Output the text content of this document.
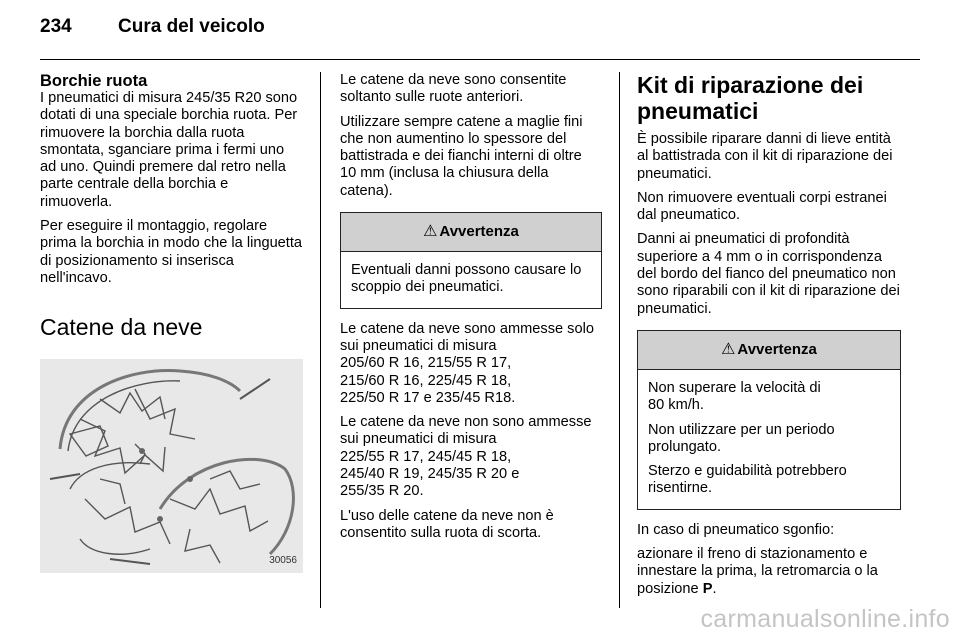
234	Cura del veicolo
Borchie ruota

I pneumatici di misura 245/35 R20 sono dotati di una speciale borchia ruota. Per rimuovere la borchia dalla ruota smontata, sganciare prima i fermi uno ad uno. Quindi premere dal retro nella parte centrale della borchia e rimuoverla.

Per eseguire il montaggio, regolare prima la borchia in modo che la linguetta di posizionamento si inserisca nell'incavo.

Catene da neve
30056

Le catene da neve sono consentite soltanto sulle ruote anteriori.

Utilizzare sempre catene a maglie fini che non aumentino lo spessore del battistrada e dei fianchi interni di oltre 10 mm (inclusa la chiusura della catena).

⚠ Avvertenza

Eventuali danni possono causare lo scoppio dei pneumatici.

Le catene da neve sono ammesse solo sui pneumatici di misura
205/60 R 16, 215/55 R 17,
215/60 R 16, 225/45 R 18,
225/50 R 17 e 235/45 R18.

Le catene da neve non sono ammesse sui pneumatici di misura
225/55 R 17, 245/45 R 18,
245/40 R 19, 245/35 R 20 e
255/35 R 20.

L'uso delle catene da neve non è consentito sulla ruota di scorta.

Kit di riparazione dei pneumatici

È possibile riparare danni di lieve entità al battistrada con il kit di riparazione dei pneumatici.

Non rimuovere eventuali corpi estranei dal pneumatico.

Danni ai pneumatici di profondità superiore a 4 mm o in corrispondenza del bordo del fianco del pneumatico non sono riparabili con il kit di riparazione dei pneumatici.

⚠ Avvertenza

Non superare la velocità di
80 km/h.

Non utilizzare per un periodo prolungato.

Sterzo e guidabilità potrebbero risentirne.

In caso di pneumatico sgonfio:

azionare il freno di stazionamento e innestare la prima, la retromarcia o la posizione P.

carmanualsonline.info
